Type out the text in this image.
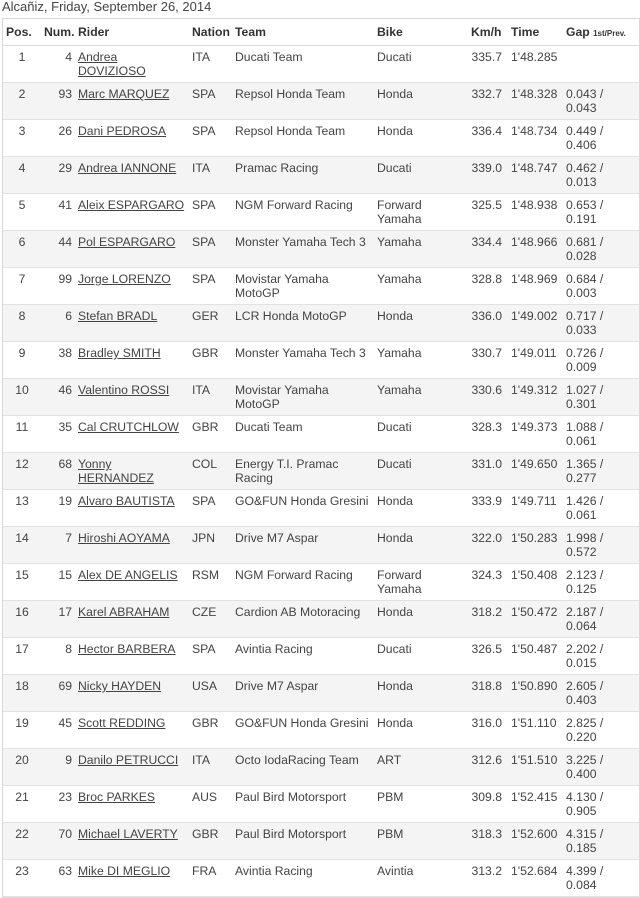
Alcañiz, Friday, September 26, 2014
Pos.	Num.	Rider	Nation	Team	Bike	Km/h	Time	Gap 1st/Prev.
1	4	Andrea DOVIZIOSO	ITA	Ducati Team	Ducati	335.7	1'48.285	
2	93	Marc MARQUEZ	SPA	Repsol Honda Team	Honda	332.7	1'48.328	0.043 / 0.043
3	26	Dani PEDROSA	SPA	Repsol Honda Team	Honda	336.4	1'48.734	0.449 / 0.406
4	29	Andrea IANNONE	ITA	Pramac Racing	Ducati	339.0	1'48.747	0.462 / 0.013
5	41	Aleix ESPARGARO	SPA	NGM Forward Racing	Forward Yamaha	325.5	1'48.938	0.653 / 0.191
6	44	Pol ESPARGARO	SPA	Monster Yamaha Tech 3	Yamaha	334.4	1'48.966	0.681 / 0.028
7	99	Jorge LORENZO	SPA	Movistar Yamaha MotoGP	Yamaha	328.8	1'48.969	0.684 / 0.003
8	6	Stefan BRADL	GER	LCR Honda MotoGP	Honda	336.0	1'49.002	0.717 / 0.033
9	38	Bradley SMITH	GBR	Monster Yamaha Tech 3	Yamaha	330.7	1'49.011	0.726 / 0.009
10	46	Valentino ROSSI	ITA	Movistar Yamaha MotoGP	Yamaha	330.6	1'49.312	1.027 / 0.301
11	35	Cal CRUTCHLOW	GBR	Ducati Team	Ducati	328.3	1'49.373	1.088 / 0.061
12	68	Yonny HERNANDEZ	COL	Energy T.I. Pramac Racing	Ducati	331.0	1'49.650	1.365 / 0.277
13	19	Alvaro BAUTISTA	SPA	GO&FUN Honda Gresini	Honda	333.9	1'49.711	1.426 / 0.061
14	7	Hiroshi AOYAMA	JPN	Drive M7 Aspar	Honda	322.0	1'50.283	1.998 / 0.572
15	15	Alex DE ANGELIS	RSM	NGM Forward Racing	Forward Yamaha	324.3	1'50.408	2.123 / 0.125
16	17	Karel ABRAHAM	CZE	Cardion AB Motoracing	Honda	318.2	1'50.472	2.187 / 0.064
17	8	Hector BARBERA	SPA	Avintia Racing	Ducati	326.5	1'50.487	2.202 / 0.015
18	69	Nicky HAYDEN	USA	Drive M7 Aspar	Honda	318.8	1'50.890	2.605 / 0.403
19	45	Scott REDDING	GBR	GO&FUN Honda Gresini	Honda	316.0	1'51.110	2.825 / 0.220
20	9	Danilo PETRUCCI	ITA	Octo IodaRacing Team	ART	312.6	1'51.510	3.225 / 0.400
21	23	Broc PARKES	AUS	Paul Bird Motorsport	PBM	309.8	1'52.415	4.130 / 0.905
22	70	Michael LAVERTY	GBR	Paul Bird Motorsport	PBM	318.3	1'52.600	4.315 / 0.185
23	63	Mike DI MEGLIO	FRA	Avintia Racing	Avintia	313.2	1'52.684	4.399 / 0.084
